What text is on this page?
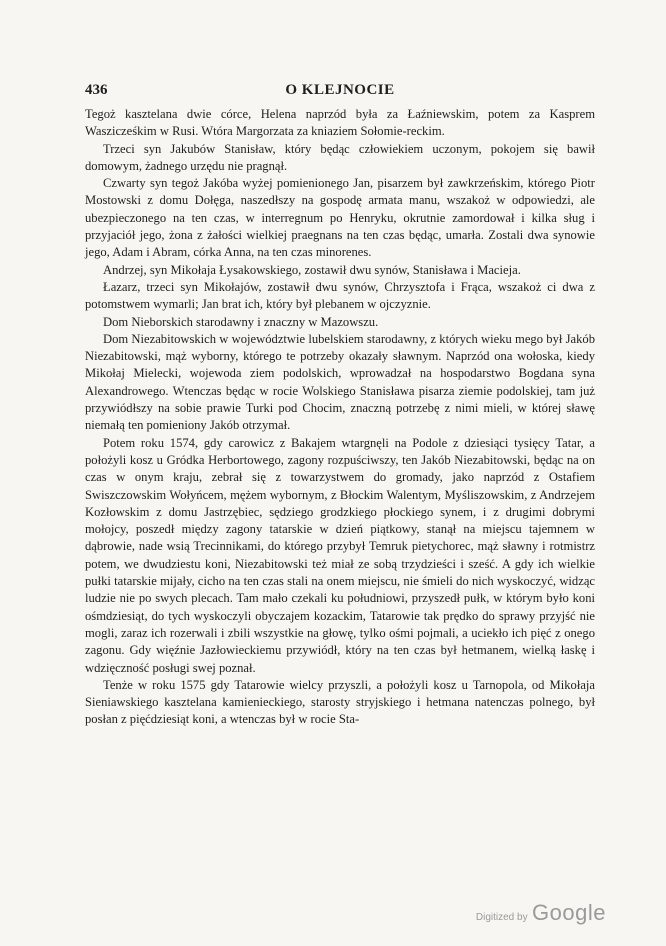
436	O KLEJNOCIE

Tegoż kasztelana dwie córce, Helena naprzód była za Łaźniewskim, potem za Kasprem Waszicześkim w Rusi. Wtóra Margorzata za kniaziem Sołomie-reckim.

Trzeci syn Jakubów Stanisław, który będąc człowiekiem uczonym, pokojem się bawił domowym, żadnego urzędu nie pragnął.

Czwarty syn tegoż Jakóba wyżej pomienionego Jan, pisarzem był zawkrzeńskim, którego Piotr Mostowski z domu Dołęga, naszedłszy na gospodę armata manu, wszakoż w odpowiedzi, ale ubezpieczonego na ten czas, w interregnum po Henryku, okrutnie zamordował i kilka sług i przyjaciół jego, żona z żałości wielkiej praegnans na ten czas będąc, umarła. Zostali dwa synowie jego, Adam i Abram, córka Anna, na ten czas minorenes.

Andrzej, syn Mikołaja Łysakowskiego, zostawił dwu synów, Stanisława i Macieja.

Łazarz, trzeci syn Mikołajów, zostawił dwu synów, Chrzysztofa i Frąca, wszakoż ci dwa z potomstwem wymarli; Jan brat ich, który był plebanem w ojczyznie.

Dom Nieborskich starodawny i znaczny w Mazowszu.

Dom Niezabitowskich w województwie lubelskiem starodawny, z których wieku mego był Jakób Niezabitowski, mąż wyborny, którego te potrzeby okazały sławnym. Naprzód ona wołoska, kiedy Mikołaj Mielecki, wojewoda ziem podolskich, wprowadzał na hospodarstwo Bogdana syna Alexandrowego. Wtenczas będąc w rocie Wolskiego Stanisława pisarza ziemie podolskiej, tam już przywiódłszy na sobie prawie Turki pod Chocim, znaczną potrzebę z nimi mieli, w której sławę niemałą ten pomieniony Jakób otrzymał.

Potem roku 1574, gdy carowicz z Bakajem wtargnęli na Podole z dziesiąci tysięcy Tatar, a położyli kosz u Gródka Herbortowego, zagony rozpuściwszy, ten Jakób Niezabitowski, będąc na on czas w onym kraju, zebrał się z towarzystwem do gromady, jako naprzód z Ostafiem Swiszczowskim Wołyńcem, mężem wybornym, z Błockim Walentym, Myśliszowskim, z Andrzejem Kozłowskim z domu Jastrzębiec, sędziego grodzkiego płockiego synem, i z drugimi dobrymi mołojcy, poszedł między zagony tatarskie w dzień piątkowy, stanął na miejscu tajemnem w dąbrowie, nade wsią Trecinnikami, do którego przybył Temruk pietychorec, mąż sławny i rotmistrz potem, we dwudziestu koni, Niezabitowski też miał ze sobą trzydzieści i sześć. A gdy ich wielkie pułki tatarskie mijały, cicho na ten czas stali na onem miejscu, nie śmieli do nich wyskoczyć, widząc ludzie nie po swych plecach. Tam mało czekali ku południowi, przyszedł pułk, w którym było koni ośmdziesiąt, do tych wyskoczyli obyczajem kozackim, Tatarowie tak prędko do sprawy przyjść nie mogli, zaraz ich rozerwali i zbili wszystkie na głowę, tylko ośmi pojmali, a uciekło ich pięć z onego zagonu. Gdy więźnie Jazłowieckiemu przywiódł, który na ten czas był hetmanem, wielką łaskę i wdzięczność posługi swej poznał.

Tenże w roku 1575 gdy Tatarowie wielcy przyszli, a położyli kosz u Tarnopola, od Mikołaja Sieniawskiego kasztelana kamienieckiego, starosty stryjskiego i hetmana natenczas polnego, był posłan z pięćdziesiąt koni, a wtenczas był w rocie Sta-

Digitized by Google
